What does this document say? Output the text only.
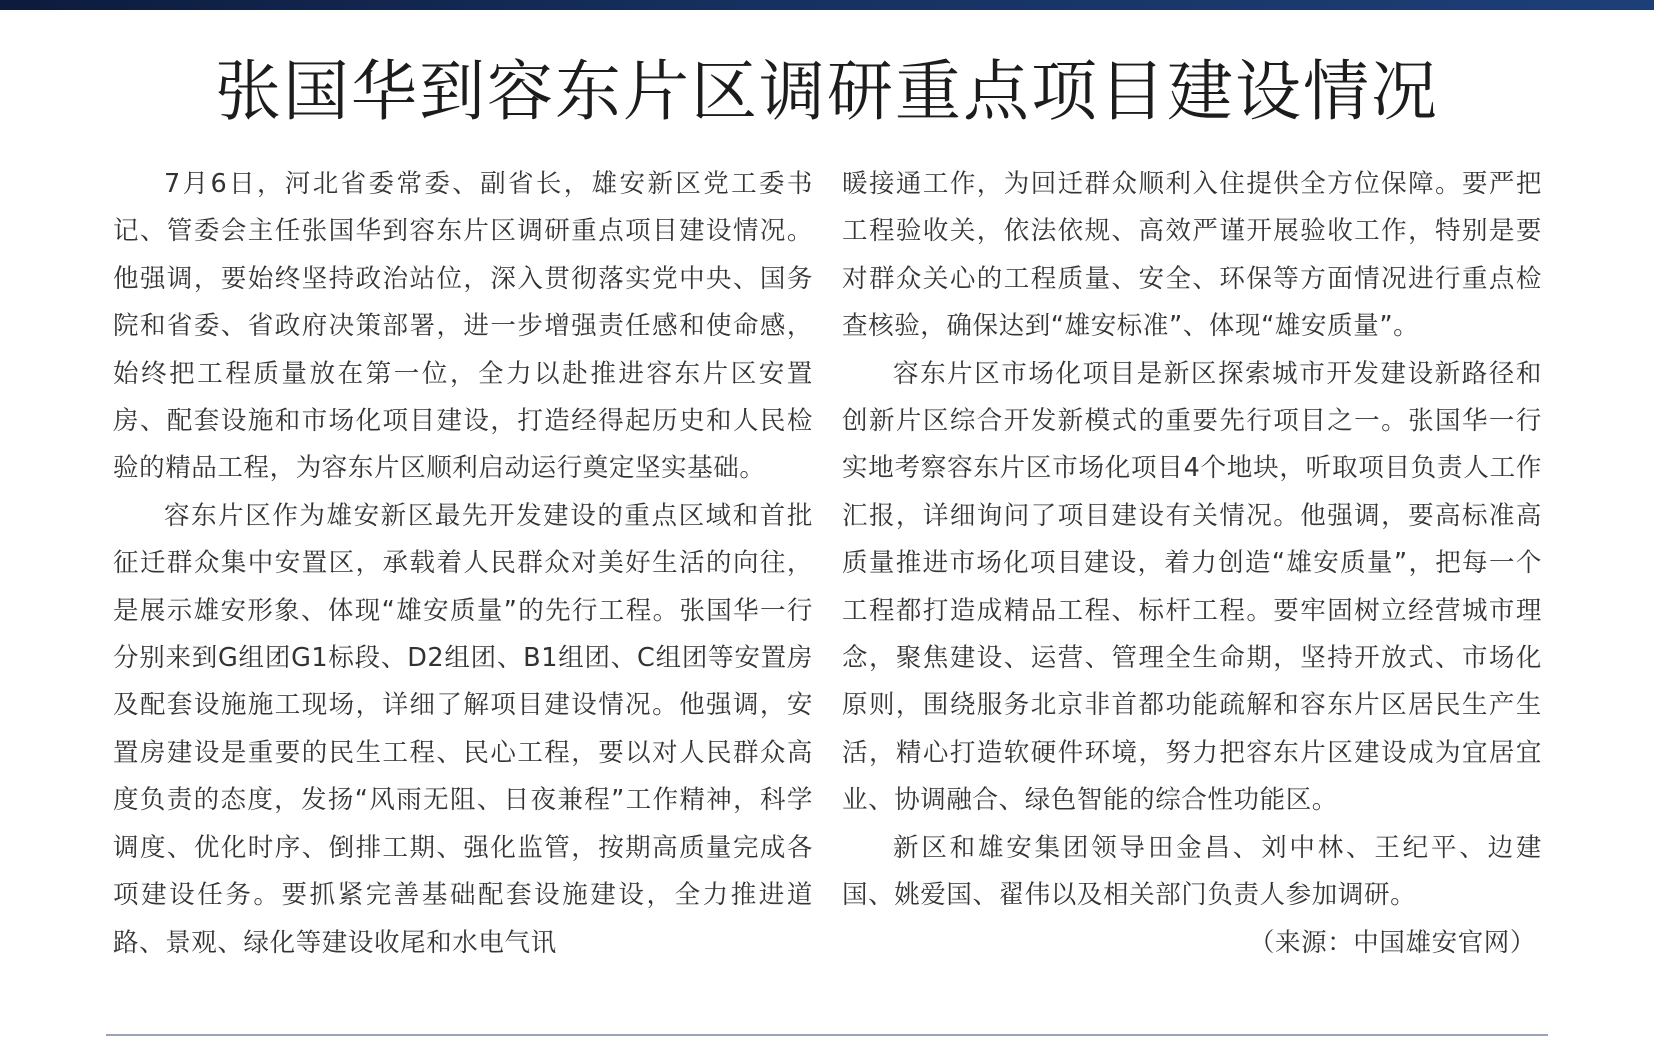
张国华到容东片区调研重点项目建设情况

7月6日，河北省委常委、副省长，雄安新区党工委书记、管委会主任张国华到容东片区调研重点项目建设情况。他强调，要始终坚持政治站位，深入贯彻落实党中央、国务院和省委、省政府决策部署，进一步增强责任感和使命感，始终把工程质量放在第一位，全力以赴推进容东片区安置房、配套设施和市场化项目建设，打造经得起历史和人民检验的精品工程，为容东片区顺利启动运行奠定坚实基础。

容东片区作为雄安新区最先开发建设的重点区域和首批征迁群众集中安置区，承载着人民群众对美好生活的向往，是展示雄安形象、体现“雄安质量”的先行工程。张国华一行分别来到G组团G1标段、D2组团、B1组团、C组团等安置房及配套设施施工现场，详细了解项目建设情况。他强调，安置房建设是重要的民生工程、民心工程，要以对人民群众高度负责的态度，发扬“风雨无阻、日夜兼程”工作精神，科学调度、优化时序、倒排工期、强化监管，按期高质量完成各项建设任务。要抓紧完善基础配套设施建设，全力推进道路、景观、绿化等建设收尾和水电气讯

暖接通工作，为回迁群众顺利入住提供全方位保障。要严把工程验收关，依法依规、高效严谨开展验收工作，特别是要对群众关心的工程质量、安全、环保等方面情况进行重点检查核验，确保达到“雄安标准”、体现“雄安质量”。

容东片区市场化项目是新区探索城市开发建设新路径和创新片区综合开发新模式的重要先行项目之一。张国华一行实地考察容东片区市场化项目4个地块，听取项目负责人工作汇报，详细询问了项目建设有关情况。他强调，要高标准高质量推进市场化项目建设，着力创造“雄安质量”，把每一个工程都打造成精品工程、标杆工程。要牢固树立经营城市理念，聚焦建设、运营、管理全生命期，坚持开放式、市场化原则，围绕服务北京非首都功能疏解和容东片区居民生产生活，精心打造软硬件环境，努力把容东片区建设成为宜居宜业、协调融合、绿色智能的综合性功能区。

新区和雄安集团领导田金昌、刘中林、王纪平、边建国、姚爱国、翟伟以及相关部门负责人参加调研。

（来源：中国雄安官网）
